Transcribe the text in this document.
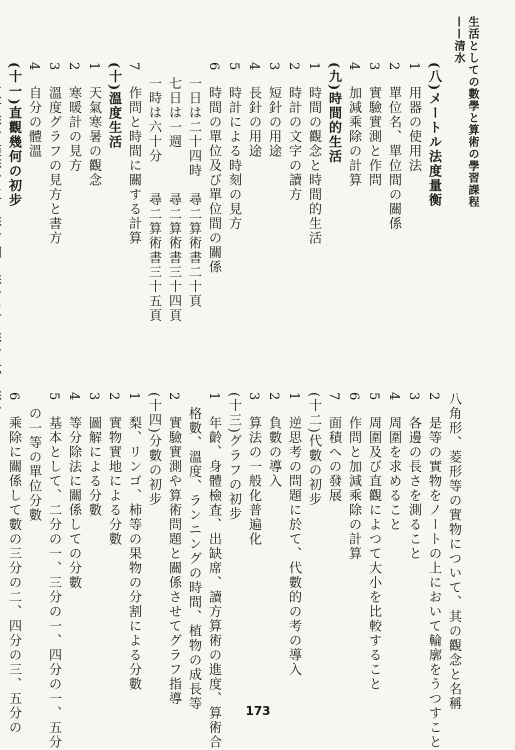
生活としての數學と算術の學習課程——清水
(八)メートル法度量衡
1　用器の使用法
2　單位名、單位間の關係
3　實驗實測と作問
4　加減乘除の計算
(九)時間的生活
1　時間の觀念と時間的生活
2　時計の文字の讀方
3　短針の用途
4　長針の用途
5　時計による時刻の見方
6　時間の單位及び單位間の關係
　一日は二十四時　尋二算術書二十頁
　七日は一週　　　尋二算術書三十四頁
　一時は六十分　　尋二算術書三十五頁
7　作問と時間に關する計算
(十)溫度生活
1　天氣寒暑の觀念
2　寒暖計の見方
3　溫度グラフの見方と書方
4　自分の體溫
(十一)直觀幾何の初步
八角形、菱形等の實物について、其の觀念と名稱
2　是等の實物をノートの上において輪廓をうつすこと
3　各邊の長さを測ること
4　周圍を求めること
5　周圍及び直觀によつて大小を比較すること
6　作問と加減乘除の計算
7　面積への發展
(十二)代數の初步
1　逆思考の問題に於て、代數的の考の導入
2　負數の導入
3　算法の一般化普遍化
(十三)グラフの初步
1　年齡、身體檢査、出缺席、讀方算術の進度、算術合
　格數、溫度、ランニングの時間、植物の成長等
2　實驗實測や算術問題と關係させてグラフ指導
(十四)分數の初步
1　梨、リンゴ、柿等の果物の分割による分數
2　實物實地による分數
3　圖解による分數
4　等分除法に關係しての分數
5　基本として、二分の一、三分の一、四分の一、五分
　の一等の單位分數
6　乘除に關係して數の三分の二、四分の三、五分の	173
